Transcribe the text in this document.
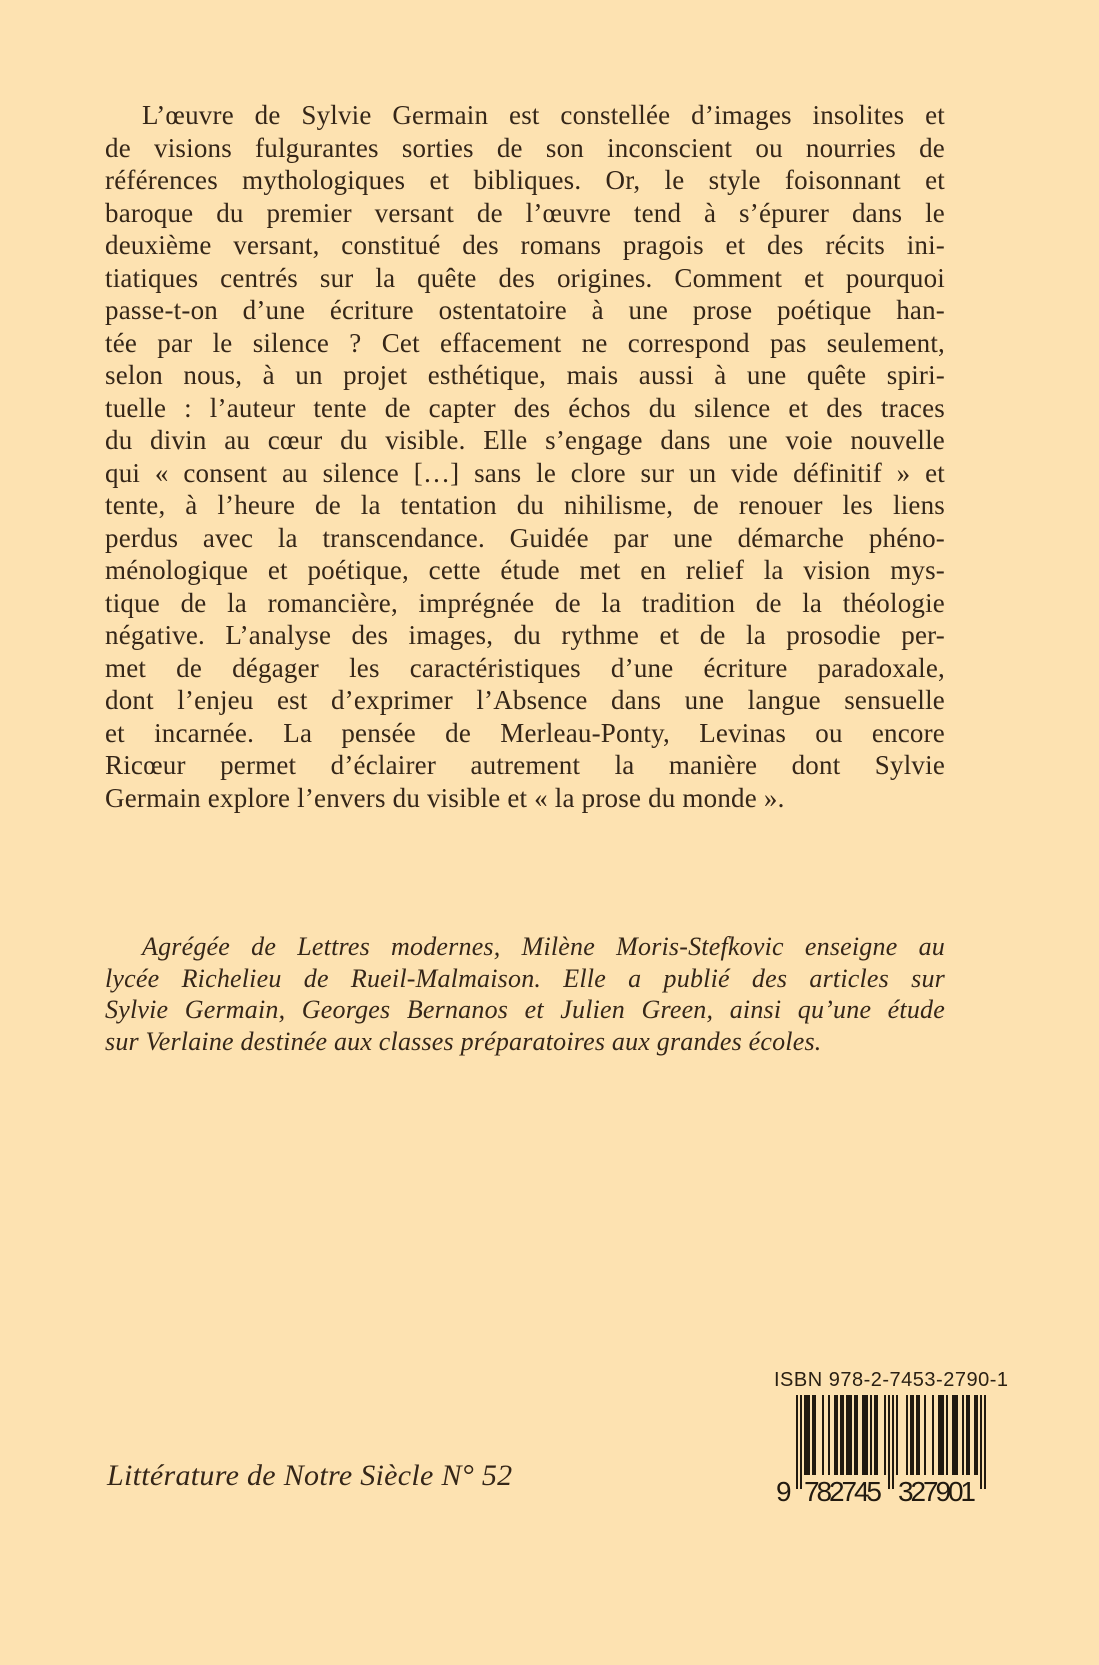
L’œuvre de Sylvie Germain est constellée d’images insolites et
de visions fulgurantes sorties de son inconscient ou nourries de
références mythologiques et bibliques. Or, le style foisonnant et
baroque du premier versant de l’œuvre tend à s’épurer dans le
deuxième versant, constitué des romans pragois et des récits ini-
tiatiques centrés sur la quête des origines. Comment et pourquoi
passe-t-on d’une écriture ostentatoire à une prose poétique han-
tée par le silence ? Cet effacement ne correspond pas seulement,
selon nous, à un projet esthétique, mais aussi à une quête spiri-
tuelle : l’auteur tente de capter des échos du silence et des traces
du divin au cœur du visible. Elle s’engage dans une voie nouvelle
qui « consent au silence […] sans le clore sur un vide définitif » et
tente, à l’heure de la tentation du nihilisme, de renouer les liens
perdus avec la transcendance. Guidée par une démarche phéno-
ménologique et poétique, cette étude met en relief la vision mys-
tique de la romancière, imprégnée de la tradition de la théologie
négative. L’analyse des images, du rythme et de la prosodie per-
met de dégager les caractéristiques d’une écriture paradoxale,
dont l’enjeu est d’exprimer l’Absence dans une langue sensuelle
et incarnée. La pensée de Merleau-Ponty, Levinas ou encore
Ricœur permet d’éclairer autrement la manière dont Sylvie
Germain explore l’envers du visible et « la prose du monde ».
Agrégée de Lettres modernes, Milène Moris-Stefkovic enseigne au
lycée Richelieu de Rueil-Malmaison. Elle a publié des articles sur
Sylvie Germain, Georges Bernanos et Julien Green, ainsi qu’une étude
sur Verlaine destinée aux classes préparatoires aux grandes écoles.
Littérature de Notre Siècle N° 52
ISBN 978-2-7453-2790-1
9 782745 327901
